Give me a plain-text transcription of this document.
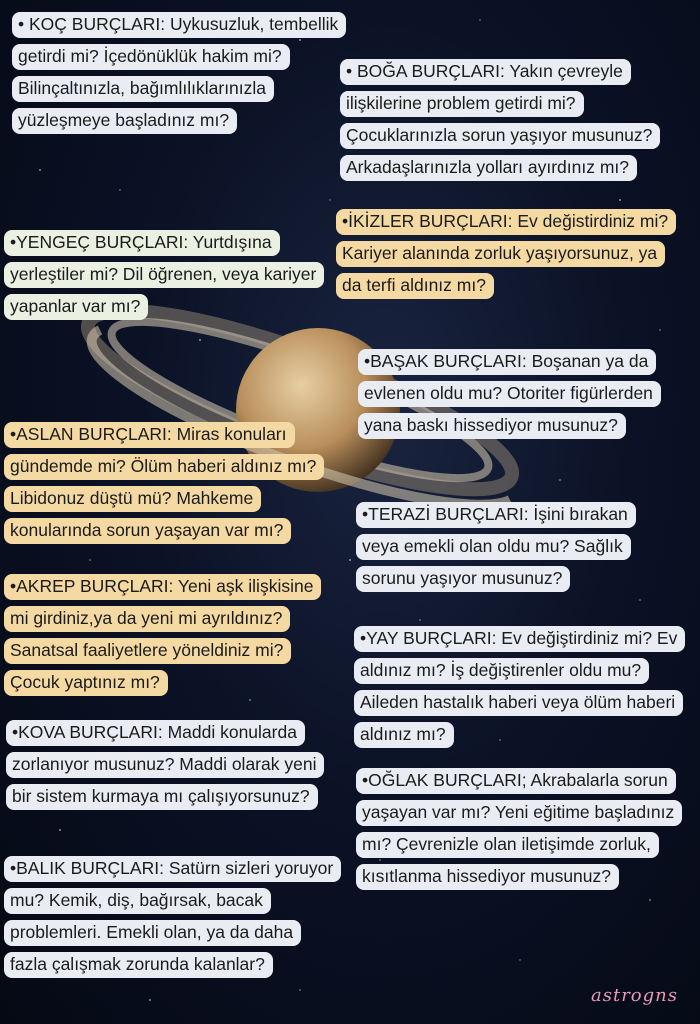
• KOÇ BURÇLARI: Uykusuzluk, tembellik getirdi mi? İçedönüklük hakim mi? Bilinçaltınızla, bağımlılıklarınızla yüzleşmeye başladınız mı?
• BOĞA BURÇLARI: Yakın çevreyle ilişkilerine problem getirdi mi? Çocuklarınızla sorun yaşıyor musunuz? Arkadaşlarınızla yolları ayırdınız mı?
•İKİZLER BURÇLARI: Ev değistirdiniz mi? Kariyer alanında zorluk yaşıyorsunuz, ya da terfi aldınız mı?
•YENGEÇ BURÇLARI: Yurtdışına yerleştiler mi? Dil öğrenen, veya kariyer yapanlar var mı?
•BAŞAK BURÇLARI: Boşanan ya da evlenen oldu mu? Otoriter figürlerden yana baskı hissediyor musunuz?
•ASLAN BURÇLARI: Miras konuları gündemde mi? Ölüm haberi aldınız mı? Libidonuz düştü mü? Mahkeme konularında sorun yaşayan var mı?
•TERAZİ BURÇLARI: İşini bırakan veya emekli olan oldu mu? Sağlık sorunu yaşıyor musunuz?
•AKREP BURÇLARI: Yeni aşk ilişkisine mi girdiniz,ya da yeni mi ayrıldınız? Sanatsal faaliyetlere yöneldiniz mi? Çocuk yaptınız mı?
•YAY BURÇLARI: Ev değiştirdiniz mi? Ev aldınız mı? İş değiştirenler oldu mu? Aileden hastalık haberi veya ölüm haberi aldınız mı?
•KOVA BURÇLARI: Maddi konularda zorlanıyor musunuz? Maddi olarak yeni bir sistem kurmaya mı çalışıyorsunuz?
•OĞLAK BURÇLARI; Akrabalarla sorun yaşayan var mı? Yeni eğitime başladınız mı? Çevrenizle olan iletişimde zorluk, kısıtlanma hissediyor musunuz?
•BALIK BURÇLARI: Satürn sizleri yoruyor mu? Kemik, diş, bağırsak, bacak problemleri. Emekli olan, ya da daha fazla çalışmak zorunda kalanlar?
astrogns
